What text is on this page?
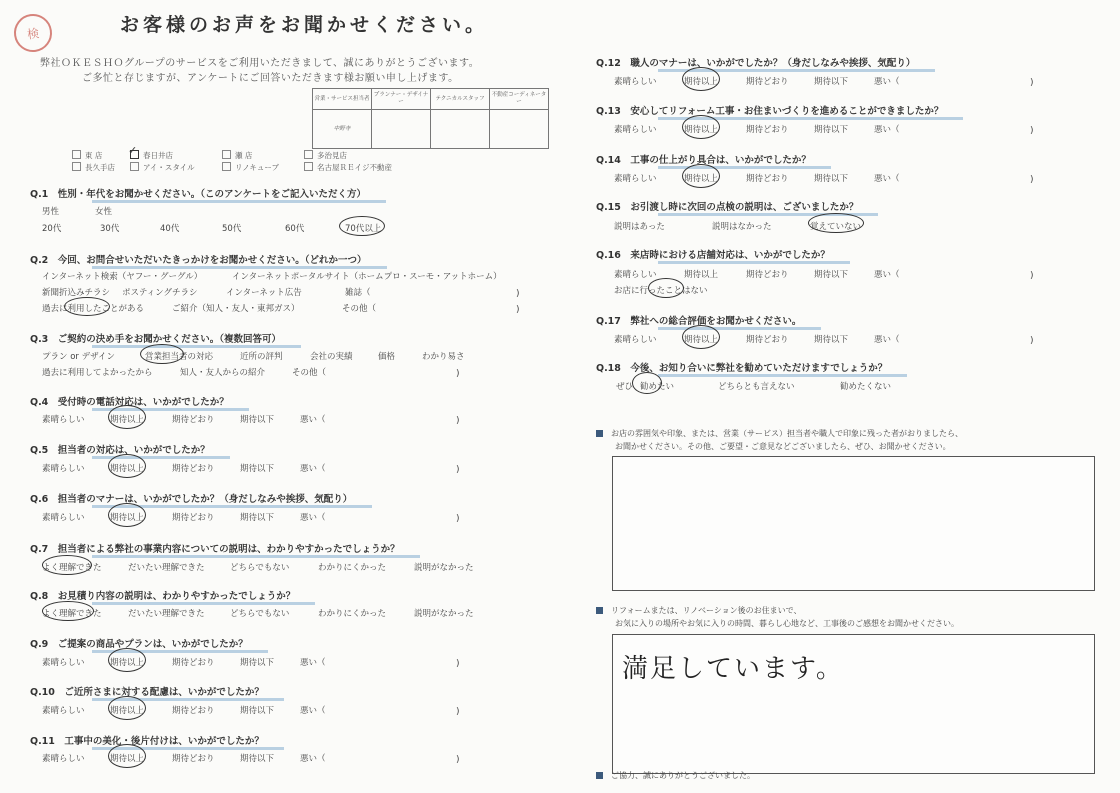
検	お客様のお声をお聞かせください。
弊社ＯＫＥＳＨＯグループのサービスをご利用いただきまして、誠にありがとうございます。
ご多忙と存じますが、アンケートにご回答いただきます様お願い申し上げます。
営業・サービス担当者	プランナー・デザイナー	テクニカルスタッフ	不動産コーディネーター
中野寺			
東 店	春日井店	瀬 店	多治見店
長久手店	アイ・スタイル	リノキューブ	名古屋ＲＥイジ不動産
✓
Q.1　性別・年代をお聞かせください。（このアンケートをご記入いただく方）
男性	女性
20代	30代	40代	50代	60代	70代以上
Q.2　今回、お問合せいただいたきっかけをお聞かせください。（どれか一つ）
インターネット検索（ヤフー・グーグル）	インターネットポータルサイト（ホームプロ・スーモ・アットホーム）
新聞折込みチラシ ポスティングチラシ	インターネット広告	雑誌（	)
過去に利用したことがある	ご紹介（知人・友人・東邦ガス）	その他（	)
Q.3　ご契約の決め手をお聞かせください。（複数回答可）
プラン or デザイン	営業担当者の対応	近所の評判	会社の実績	価格	わかり易さ
過去に利用してよかったから	知人・友人からの紹介	その他（	)
Q.4　受付時の電話対応は、いかがでしたか？
素晴らしい	期待以上	期待どおり	期待以下	悪い（	)
Q.5　担当者の対応は、いかがでしたか？
素晴らしい	期待以上	期待どおり	期待以下	悪い（	)
Q.6　担当者のマナーは、いかがでしたか？（身だしなみや挨拶、気配り）
素晴らしい	期待以上	期待どおり	期待以下	悪い（	)
Q.7　担当者による弊社の事業内容についての説明は、わかりやすかったでしょうか？
よく理解できた	だいたい理解できた	どちらでもない	わかりにくかった	説明がなかった
Q.8　お見積り内容の説明は、わかりやすかったでしょうか？
よく理解できた	だいたい理解できた	どちらでもない	わかりにくかった	説明がなかった
Q.9　ご提案の商品やプランは、いかがでしたか？
素晴らしい	期待以上	期待どおり	期待以下	悪い（	)
Q.10　ご近所さまに対する配慮は、いかがでしたか？
素晴らしい	期待以上	期待どおり	期待以下	悪い（	)
Q.11　工事中の美化・後片付けは、いかがでしたか？
素晴らしい	期待以上	期待どおり	期待以下	悪い（	)
Q.12　職人のマナーは、いかがでしたか？（身だしなみや挨拶、気配り）
素晴らしい	期待以上	期待どおり	期待以下	悪い（	)
Q.13　安心してリフォーム工事・お住まいづくりを進めることができましたか？
素晴らしい	期待以上	期待どおり	期待以下	悪い（	)
Q.14　工事の仕上がり具合は、いかがでしたか？
素晴らしい	期待以上	期待どおり	期待以下	悪い（	)
Q.15　お引渡し時に次回の点検の説明は、ございましたか？
説明はあった	説明はなかった	覚えていない
Q.16　来店時における店舗対応は、いかがでしたか？
素晴らしい	期待以上	期待どおり	期待以下	悪い（	)
お店に行ったことはない
Q.17　弊社への総合評価をお聞かせください。
素晴らしい	期待以上	期待どおり	期待以下	悪い（	)
Q.18　今後、お知り合いに弊社を勧めていただけますでしょうか？
ぜひ 勧めたい	どちらとも言えない	勧めたくない
お店の雰囲気や印象、または、営業（サービス）担当者や職人で印象に残った者がおりましたら、
お聞かせください。その他、ご要望・ご意見などございましたら、ぜひ、お聞かせください。
リフォームまたは、リノベーション後のお住まいで、
お気に入りの場所やお気に入りの時間、暮らし心地など、工事後のご感想をお聞かせください。
満足しています。
ご協力、誠にありがとうございました。
